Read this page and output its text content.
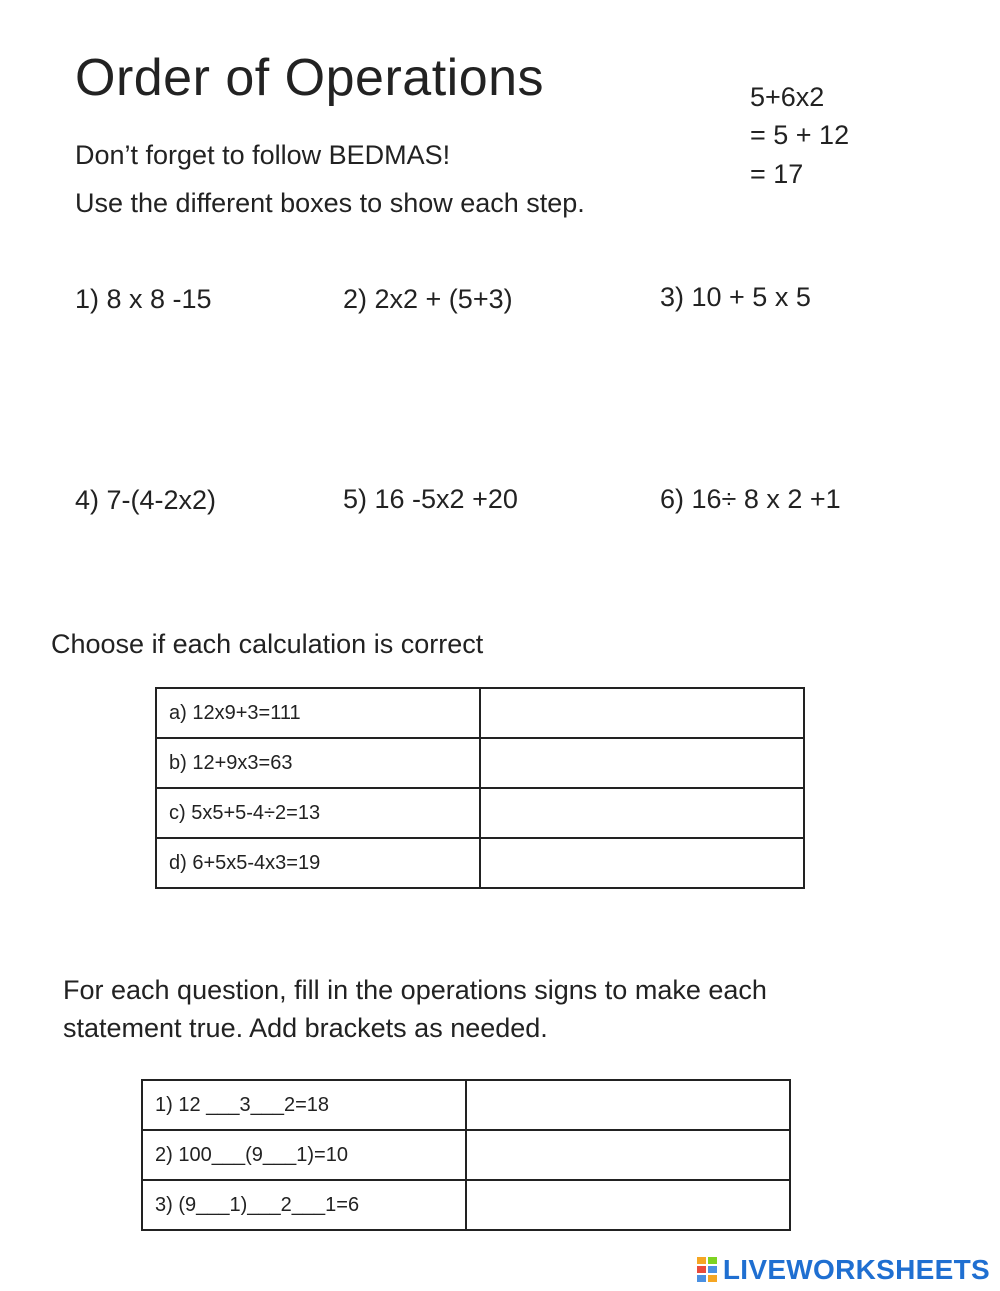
Order of Operations
Don’t forget to follow BEDMAS!
Use the different boxes to show each step.
5+6x2
= 5 + 12
= 17
1) 8 x 8 -15	2) 2x2 + (5+3)	3) 10 + 5 x 5
4) 7-(4-2x2)	5) 16 -5x2 +20	6) 16÷ 8 x 2 +1
Choose if each calculation is correct
a) 12x9+3=111	
b) 12+9x3=63	
c) 5x5+5-4÷2=13	
d) 6+5x5-4x3=19	
For each question, fill in the operations signs to make each
statement true. Add brackets as needed.
1) 12 ___3___2=18	
2) 100___(9___1)=10	
3) (9___1)___2___1=6	
LIVEWORKSHEETS
